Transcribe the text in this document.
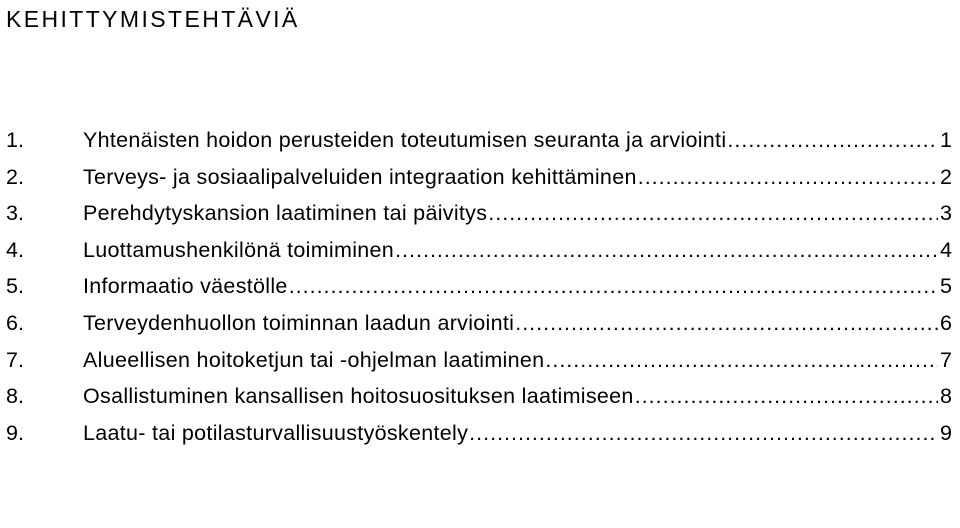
KEHITTYMISTEHTÄVIÄ
1.	Yhtenäisten hoidon perusteiden toteutumisen seuranta ja arviointi .....	1
2.	Terveys- ja sosiaalipalveluiden integraation kehittäminen .....	2
3.	Perehdytyskansion laatiminen tai päivitys .....	3
4.	Luottamushenkilönä toimiminen .....	4
5.	Informaatio väestölle .....	5
6.	Terveydenhuollon toiminnan laadun arviointi .....	6
7.	Alueellisen hoitoketjun tai -ohjelman laatiminen .....	7
8.	Osallistuminen kansallisen hoitosuosituksen laatimiseen .....	8
9.	Laatu- tai potilasturvallisuustyöskentely .....	9
